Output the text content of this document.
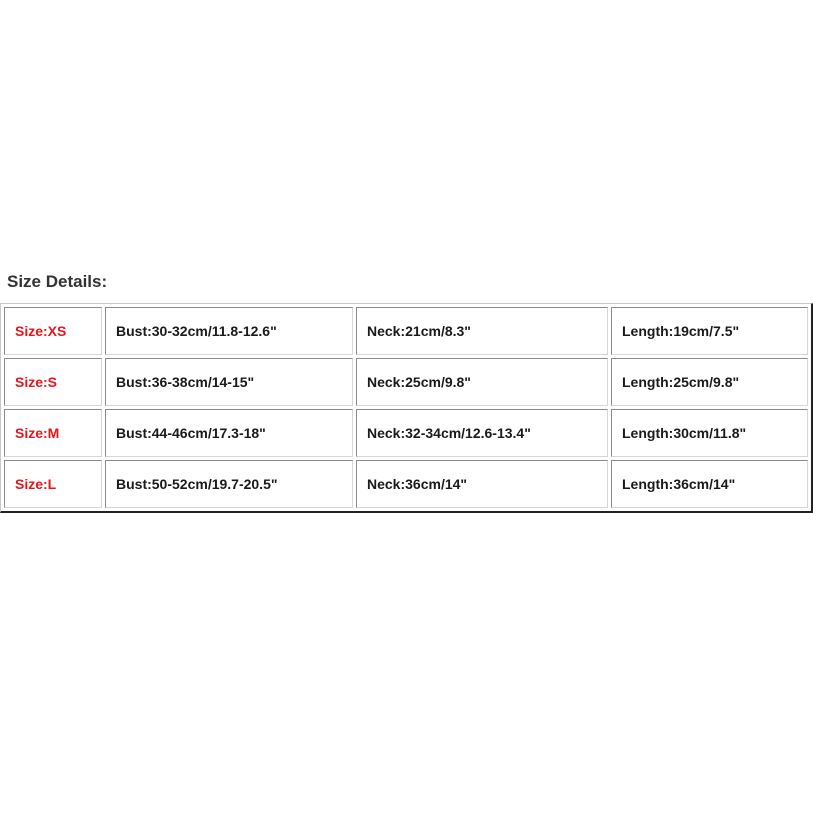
Size Details:
Size:XS	Bust:30-32cm/11.8-12.6"	Neck:21cm/8.3"	Length:19cm/7.5"
Size:S	Bust:36-38cm/14-15"	Neck:25cm/9.8"	Length:25cm/9.8"
Size:M	Bust:44-46cm/17.3-18"	Neck:32-34cm/12.6-13.4"	Length:30cm/11.8"
Size:L	Bust:50-52cm/19.7-20.5"	Neck:36cm/14"	Length:36cm/14"
